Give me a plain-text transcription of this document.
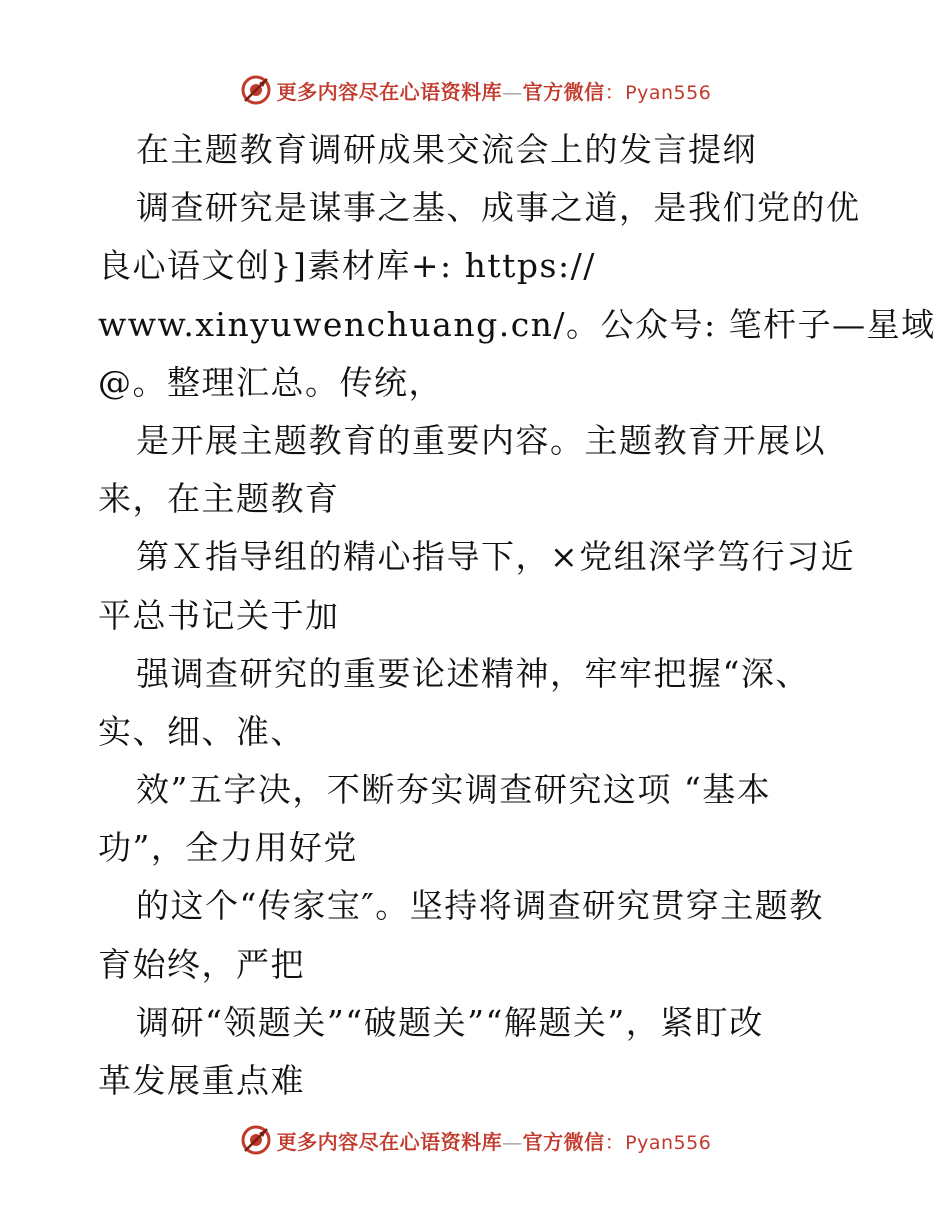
更多内容尽在心语资料库—官方微信：Pyan556
在主题教育调研成果交流会上的发言提纲
调查研究是谋事之基、成事之道，是我们党的优
良心语文创}]素材库+: https://
www.xinyuwenchuang.cn/。公众号: 笔杆子—星域
@。整理汇总。传统，
是开展主题教育的重要内容。主题教育开展以
来，在主题教育
第Ｘ指导组的精心指导下，×党组深学笃行习近
平总书记关于加
强调查研究的重要论述精神，牢牢把握“深、
实、细、准、
效”五字决，不断夯实调查研究这项 “基本
功”，全力用好党
的这个“传家宝″。坚持将调查研究贯穿主题教
育始终，严把
调研“领题关”“破题关”“解题关”，紧盯改
革发展重点难
更多内容尽在心语资料库—官方微信：Pyan556
